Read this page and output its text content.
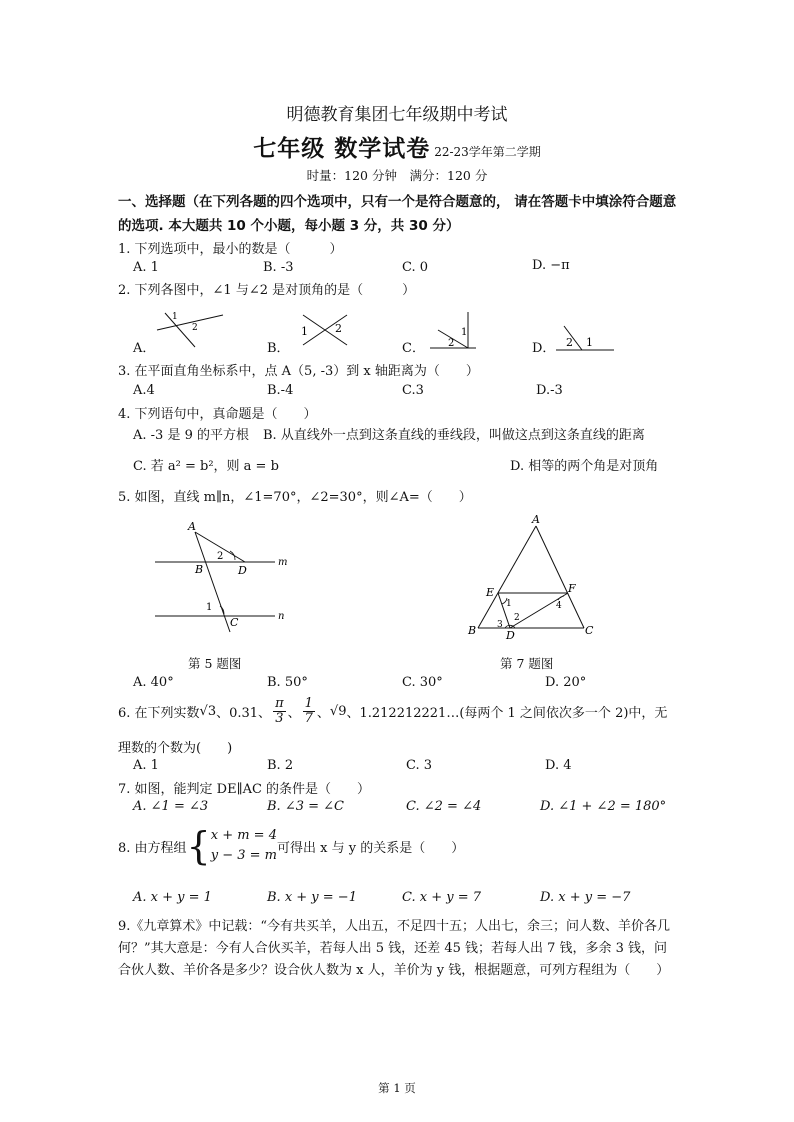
明德教育集团七年级期中考试
七年级 数学试卷 22-23学年第二学期
时量：120 分钟　满分：120 分
一、选择题（在下列各题的四个选项中，只有一个是符合题意的， 请在答题卡中填涂符合题意的选项. 本大题共 10 个小题，每小题 3 分，共 30 分）
1. 下列选项中，最小的数是（　　　）
A. 1	B. -3	C. 0	D. −π
2. 下列各图中，∠1 与∠2 是对顶角的是（　　　）
A．	B．	C．	D．
1
2	1 2	1
2	2 1
3. 在平面直角坐标系中，点 A（5, -3）到 x 轴距离为（　　）
A.4	B.-4	C.3	D.-3
4. 下列语句中，真命题是（　　）
A. -3 是 9 的平方根 B. 从直线外一点到这条直线的垂线段，叫做这点到这条直线的距离
C. 若 a² = b²，则 a = b	D. 相等的两个角是对顶角
5. 如图，直线 m∥n，∠1=70°，∠2=30°，则∠A=（　　）
A
B	D
C
m
n
2
1
A
E	F
B	C
D
1
2
3
4
第 5 题图	第 7 题图
A. 40°	B. 50°	C. 30°	D. 20°
6. 在下列实数 √3 、0.31、 $\frac{\pi}{3}$ 、 $\frac{1}{7}$ 、 √9 、1.212212221…(每两个 1 之间依次多一个 2)中，无
理数的个数为(　　)
A. 1	B. 2	C. 3	D. 4
7. 如图，能判定 DE∥AC 的条件是（　　）
A. ∠1 = ∠3	B. ∠3 = ∠C	C. ∠2 = ∠4	D. ∠1 + ∠2 = 180°
8. 由方程组 { x + m = 4
y − 3 = m 可得出 x 与 y 的关系是（　　）
A. x + y = 1	B. x + y = −1	C. x + y = 7	D. x + y = −7
9.《九章算术》中记载：“今有共买羊，人出五，不足四十五；人出七，余三；问人数、羊价各几何？”其大意是：今有人合伙买羊，若每人出 5 钱，还差 45 钱；若每人出 7 钱，多余 3 钱，问合伙人数、羊价各是多少？设合伙人数为 x 人，羊价为 y 钱，根据题意，可列方程组为（　　）
第 1 页
